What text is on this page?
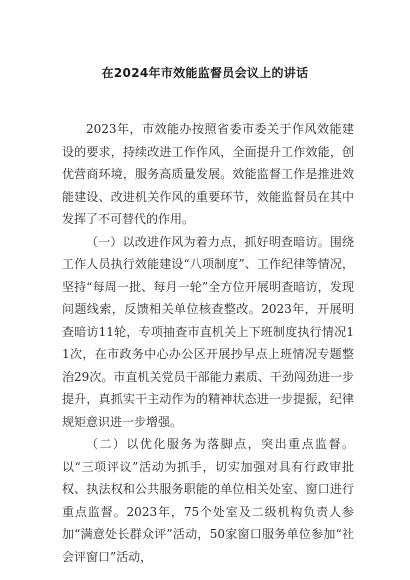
在2024年市效能监督员会议上的讲话

2023年，市效能办按照省委市委关于作风效能建设的要求，持续改进工作作风，全面提升工作效能，创优营商环境，服务高质量发展。效能监督工作是推进效能建设、改进机关作风的重要环节，效能监督员在其中发挥了不可替代的作用。

（一）以改进作风为着力点，抓好明查暗访。围绕工作人员执行效能建设“八项制度”、工作纪律等情况，坚持“每周一批、每月一轮”全方位开展明查暗访，发现问题线索，反馈相关单位核查整改。2023年，开展明查暗访11轮，专项抽查市直机关上下班制度执行情况11次，在市政务中心办公区开展抄早点上班情况专题整治29次。市直机关党员干部能力素质、干劲闯劲进一步提升，真抓实干主动作为的精神状态进一步提振，纪律规矩意识进一步增强。

（二）以优化服务为落脚点，突出重点监督。以“三项评议”活动为抓手，切实加强对具有行政审批权、执法权和公共服务职能的单位相关处室、窗口进行重点监督。2023年，75个处室及二级机构负责人参加“满意处长群众评”活动，50家窗口服务单位参加“社会评窗口”活动，
